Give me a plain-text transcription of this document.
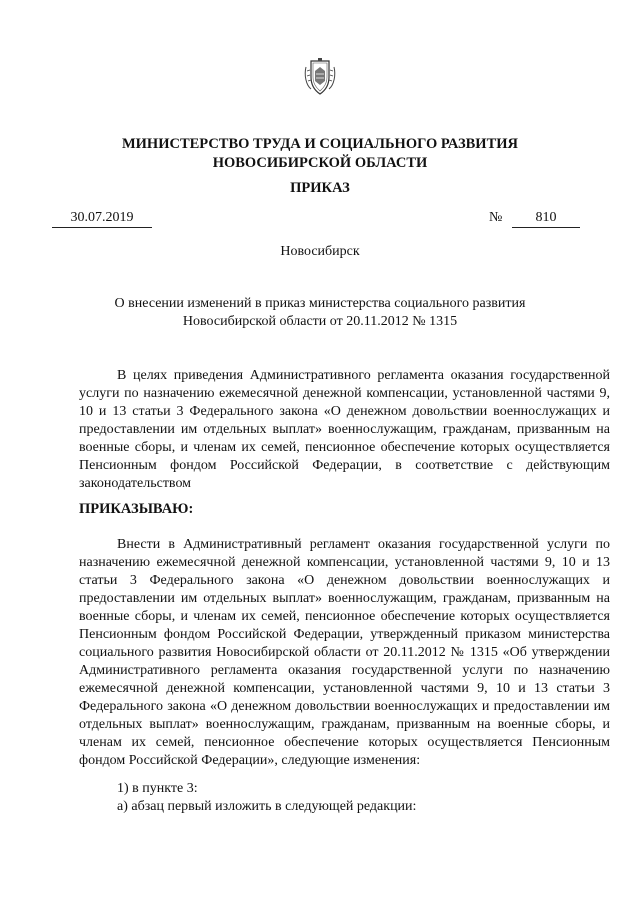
МИНИСТЕРСТВО ТРУДА И СОЦИАЛЬНОГО РАЗВИТИЯ
НОВОСИБИРСКОЙ ОБЛАСТИ
ПРИКАЗ
30.07.2019	№	810
Новосибирск
О внесении изменений в приказ министерства социального развития
Новосибирской области от 20.11.2012 № 1315

В целях приведения Административного регламента оказания государственной услуги по назначению ежемесячной денежной компенсации, установленной частями 9, 10 и 13 статьи 3 Федерального закона «О денежном довольствии военнослужащих и предоставлении им отдельных выплат» военнослужащим, гражданам, призванным на военные сборы, и членам их семей, пенсионное обеспечение которых осуществляется Пенсионным фондом Российской Федерации, в соответствие с действующим законодательством

ПРИКАЗЫВАЮ:

Внести в Административный регламент оказания государственной услуги по назначению ежемесячной денежной компенсации, установленной частями 9, 10 и 13 статьи 3 Федерального закона «О денежном довольствии военнослужащих и предоставлении им отдельных выплат» военнослужащим, гражданам, призванным на военные сборы, и членам их семей, пенсионное обеспечение которых осуществляется Пенсионным фондом Российской Федерации, утвержденный приказом министерства социального развития Новосибирской области от 20.11.2012 № 1315 «Об утверждении Административного регламента оказания государственной услуги по назначению ежемесячной денежной компенсации, установленной частями 9, 10 и 13 статьи 3 Федерального закона «О денежном довольствии военнослужащих и предоставлении им отдельных выплат» военнослужащим, гражданам, призванным на военные сборы, и членам их семей, пенсионное обеспечение которых осуществляется Пенсионным фондом Российской Федерации», следующие изменения:

1) в пункте 3:
а) абзац первый изложить в следующей редакции:
